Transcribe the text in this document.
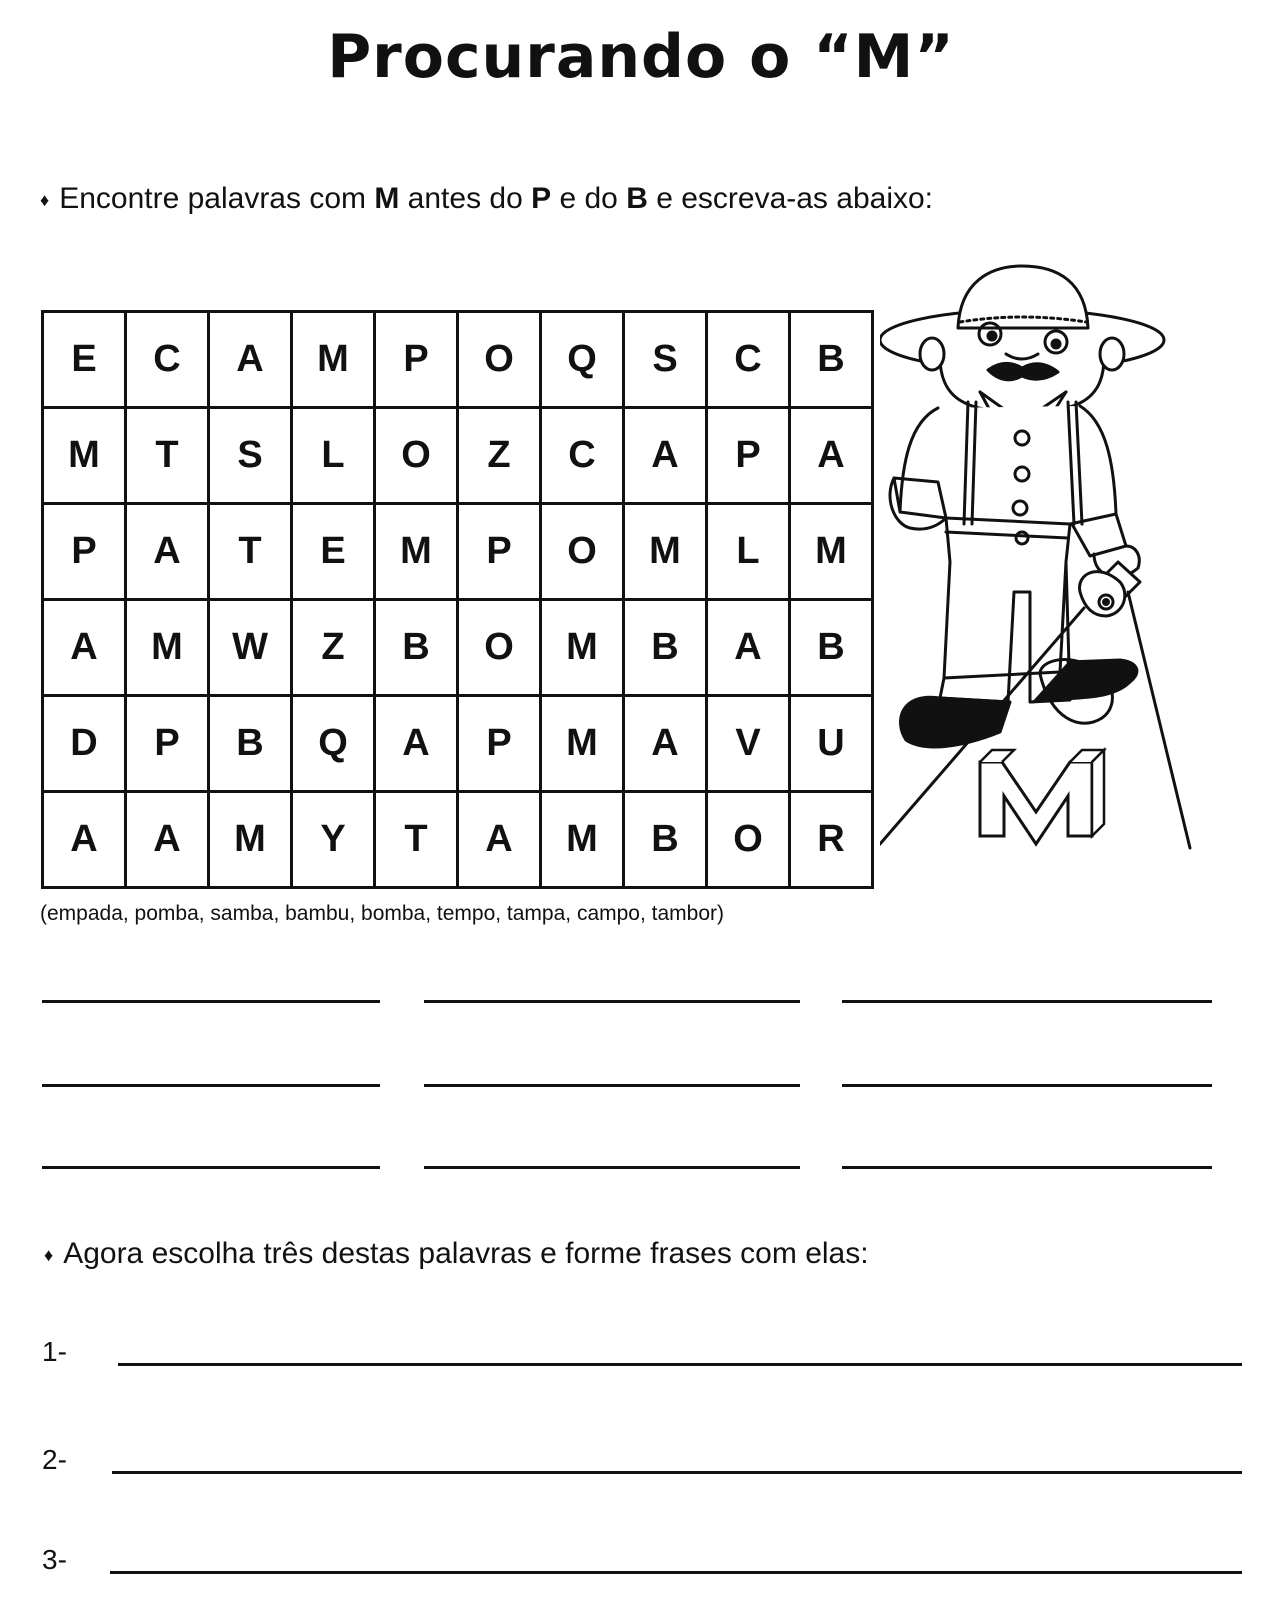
Procurando o “M”
♦ Encontre palavras com M antes do P e do B e escreva-as abaixo:
E	C	A	M	P	O	Q	S	C	B
M	T	S	L	O	Z	C	A	P	A
P	A	T	E	M	P	O	M	L	M
A	M	W	Z	B	O	M	B	A	B
D	P	B	Q	A	P	M	A	V	U
A	A	M	Y	T	A	M	B	O	R
(empada, pomba, samba, bambu, bomba, tempo, tampa, campo, tambor)
♦ Agora escolha três destas palavras e forme frases com elas:
1-
2-
3-
